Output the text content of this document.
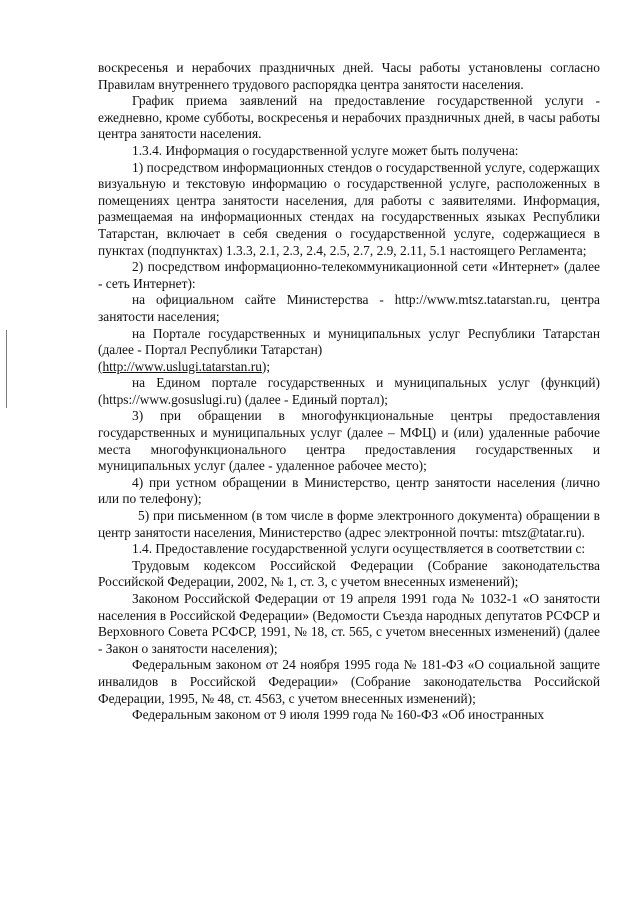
воскресенья и нерабочих праздничных дней. Часы работы установлены согласно Правилам внутреннего трудового распорядка центра занятости населения.

График приема заявлений на предоставление государственной услуги - ежедневно, кроме субботы, воскресенья и нерабочих праздничных дней, в часы работы центра занятости населения.

1.3.4. Информация о государственной услуге может быть получена:

1) посредством информационных стендов о государственной услуге, содержащих визуальную и текстовую информацию о государственной услуге, расположенных в помещениях центра занятости населения, для работы с заявителями. Информация, размещаемая на информационных стендах на государственных языках Республики Татарстан, включает в себя сведения о государственной услуге, содержащиеся в пунктах (подпунктах) 1.3.3, 2.1, 2.3, 2.4, 2.5, 2.7, 2.9, 2.11, 5.1 настоящего Регламента;

2) посредством информационно-телекоммуникационной сети «Интернет» (далее - сеть Интернет):

на официальном сайте Министерства - http://www.mtsz.tatarstan.ru, центра занятости населения;

на Портале государственных и муниципальных услуг Республики Татарстан (далее - Портал Республики Татарстан)

(http://www.uslugi.tatarstan.ru);

на Едином портале государственных и муниципальных услуг (функций) (https://www.gosuslugi.ru) (далее - Единый портал);

3) при обращении в многофункциональные центры предоставления государственных и муниципальных услуг (далее – МФЦ) и (или) удаленные рабочие места многофункционального центра предоставления государственных и муниципальных услуг (далее - удаленное рабочее место);

4) при устном обращении в Министерство, центр занятости населения (лично или по телефону);

5) при письменном (в том числе в форме электронного документа) обращении в центр занятости населения, Министерство (адрес электронной почты: mtsz@tatar.ru).

1.4. Предоставление государственной услуги осуществляется в соответствии с:

Трудовым кодексом Российской Федерации (Собрание законодательства Российской Федерации, 2002, № 1, ст. 3, с учетом внесенных изменений);

Законом Российской Федерации от 19 апреля 1991 года № 1032-1 «О занятости населения в Российской Федерации» (Ведомости Съезда народных депутатов РСФСР и Верховного Совета РСФСР, 1991, № 18, ст. 565, с учетом внесенных изменений) (далее - Закон о занятости населения);

Федеральным законом от 24 ноября 1995 года № 181-ФЗ «О социальной защите инвалидов в Российской Федерации» (Собрание законодательства Российской Федерации, 1995, № 48, ст. 4563, с учетом внесенных изменений);

Федеральным законом от 9 июля 1999 года № 160-ФЗ «Об иностранных
